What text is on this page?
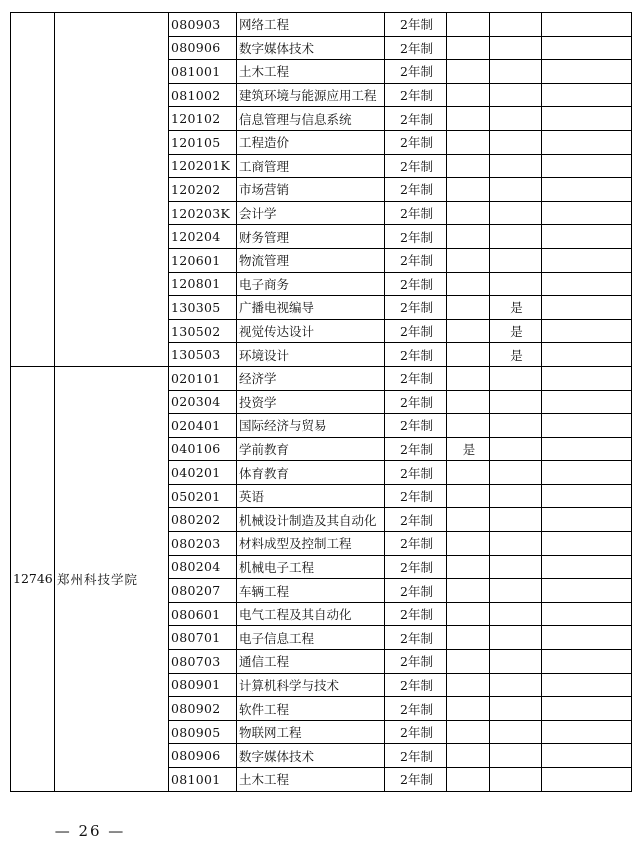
		080903	网络工程	2年制			
		080906	数字媒体技术	2年制			
		081001	土木工程	2年制			
		081002	建筑环境与能源应用工程	2年制			
		120102	信息管理与信息系统	2年制			
		120105	工程造价	2年制			
		120201K	工商管理	2年制			
		120202	市场营销	2年制			
		120203K	会计学	2年制			
		120204	财务管理	2年制			
		120601	物流管理	2年制			
		120801	电子商务	2年制			
		130305	广播电视编导	2年制		是	
		130502	视觉传达设计	2年制		是	
		130503	环境设计	2年制		是	
12746	郑州科技学院	020101	经济学	2年制			
		020304	投资学	2年制			
		020401	国际经济与贸易	2年制			
		040106	学前教育	2年制	是		
		040201	体育教育	2年制			
		050201	英语	2年制			
		080202	机械设计制造及其自动化	2年制			
		080203	材料成型及控制工程	2年制			
		080204	机械电子工程	2年制			
		080207	车辆工程	2年制			
		080601	电气工程及其自动化	2年制			
		080701	电子信息工程	2年制			
		080703	通信工程	2年制			
		080901	计算机科学与技术	2年制			
		080902	软件工程	2年制			
		080905	物联网工程	2年制			
		080906	数字媒体技术	2年制			
		081001	土木工程	2年制			
— 26 —
